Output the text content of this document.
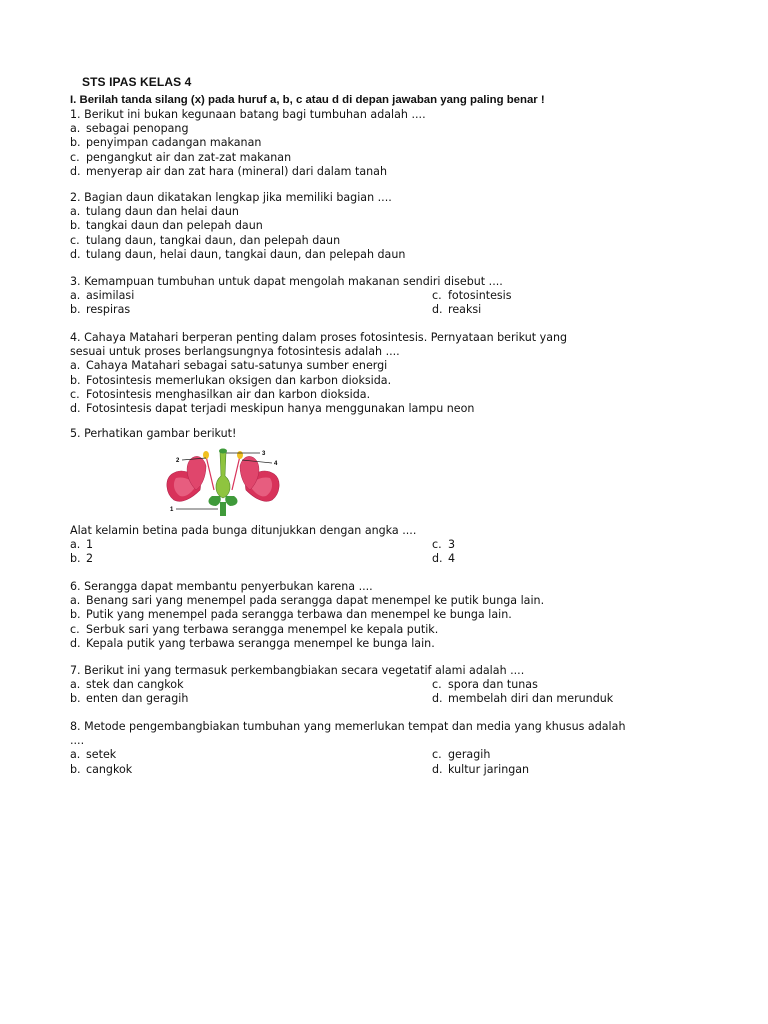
STS IPAS KELAS 4
I. Berilah tanda silang (x) pada huruf a, b, c atau d di depan jawaban yang paling benar !
1. Berikut ini bukan kegunaan batang bagi tumbuhan adalah ....
a. sebagai penopang
b. penyimpan cadangan makanan
c. pengangkut air dan zat-zat makanan
d. menyerap air dan zat hara (mineral) dari dalam tanah
2. Bagian daun dikatakan lengkap jika memiliki bagian ....
a. tulang daun dan helai daun
b. tangkai daun dan pelepah daun
c. tulang daun, tangkai daun, dan pelepah daun
d. tulang daun, helai daun, tangkai daun, dan pelepah daun
3. Kemampuan tumbuhan untuk dapat mengolah makanan sendiri disebut ....
a. asimilasi	c. fotosintesis
b. respiras	d. reaksi
4. Cahaya Matahari berperan penting dalam proses fotosintesis. Pernyataan berikut yang
sesuai untuk proses berlangsungnya fotosintesis adalah ....
a. Cahaya Matahari sebagai satu-satunya sumber energi
b. Fotosintesis memerlukan oksigen dan karbon dioksida.
c. Fotosintesis menghasilkan air dan karbon dioksida.
d. Fotosintesis dapat terjadi meskipun hanya menggunakan lampu neon
5. Perhatikan gambar berikut!
1
2
3
4
Alat kelamin betina pada bunga ditunjukkan dengan angka ....
a. 1	c. 3
b. 2	d. 4
6. Serangga dapat membantu penyerbukan karena ....
a. Benang sari yang menempel pada serangga dapat menempel ke putik bunga lain.
b. Putik yang menempel pada serangga terbawa dan menempel ke bunga lain.
c. Serbuk sari yang terbawa serangga menempel ke kepala putik.
d. Kepala putik yang terbawa serangga menempel ke bunga lain.
7. Berikut ini yang termasuk perkembangbiakan secara vegetatif alami adalah ....
a. stek dan cangkok	c. spora dan tunas
b. enten dan geragih	d. membelah diri dan merunduk
8. Metode pengembangbiakan tumbuhan yang memerlukan tempat dan media yang khusus adalah
....
a. setek	c. geragih
b. cangkok	d. kultur jaringan
